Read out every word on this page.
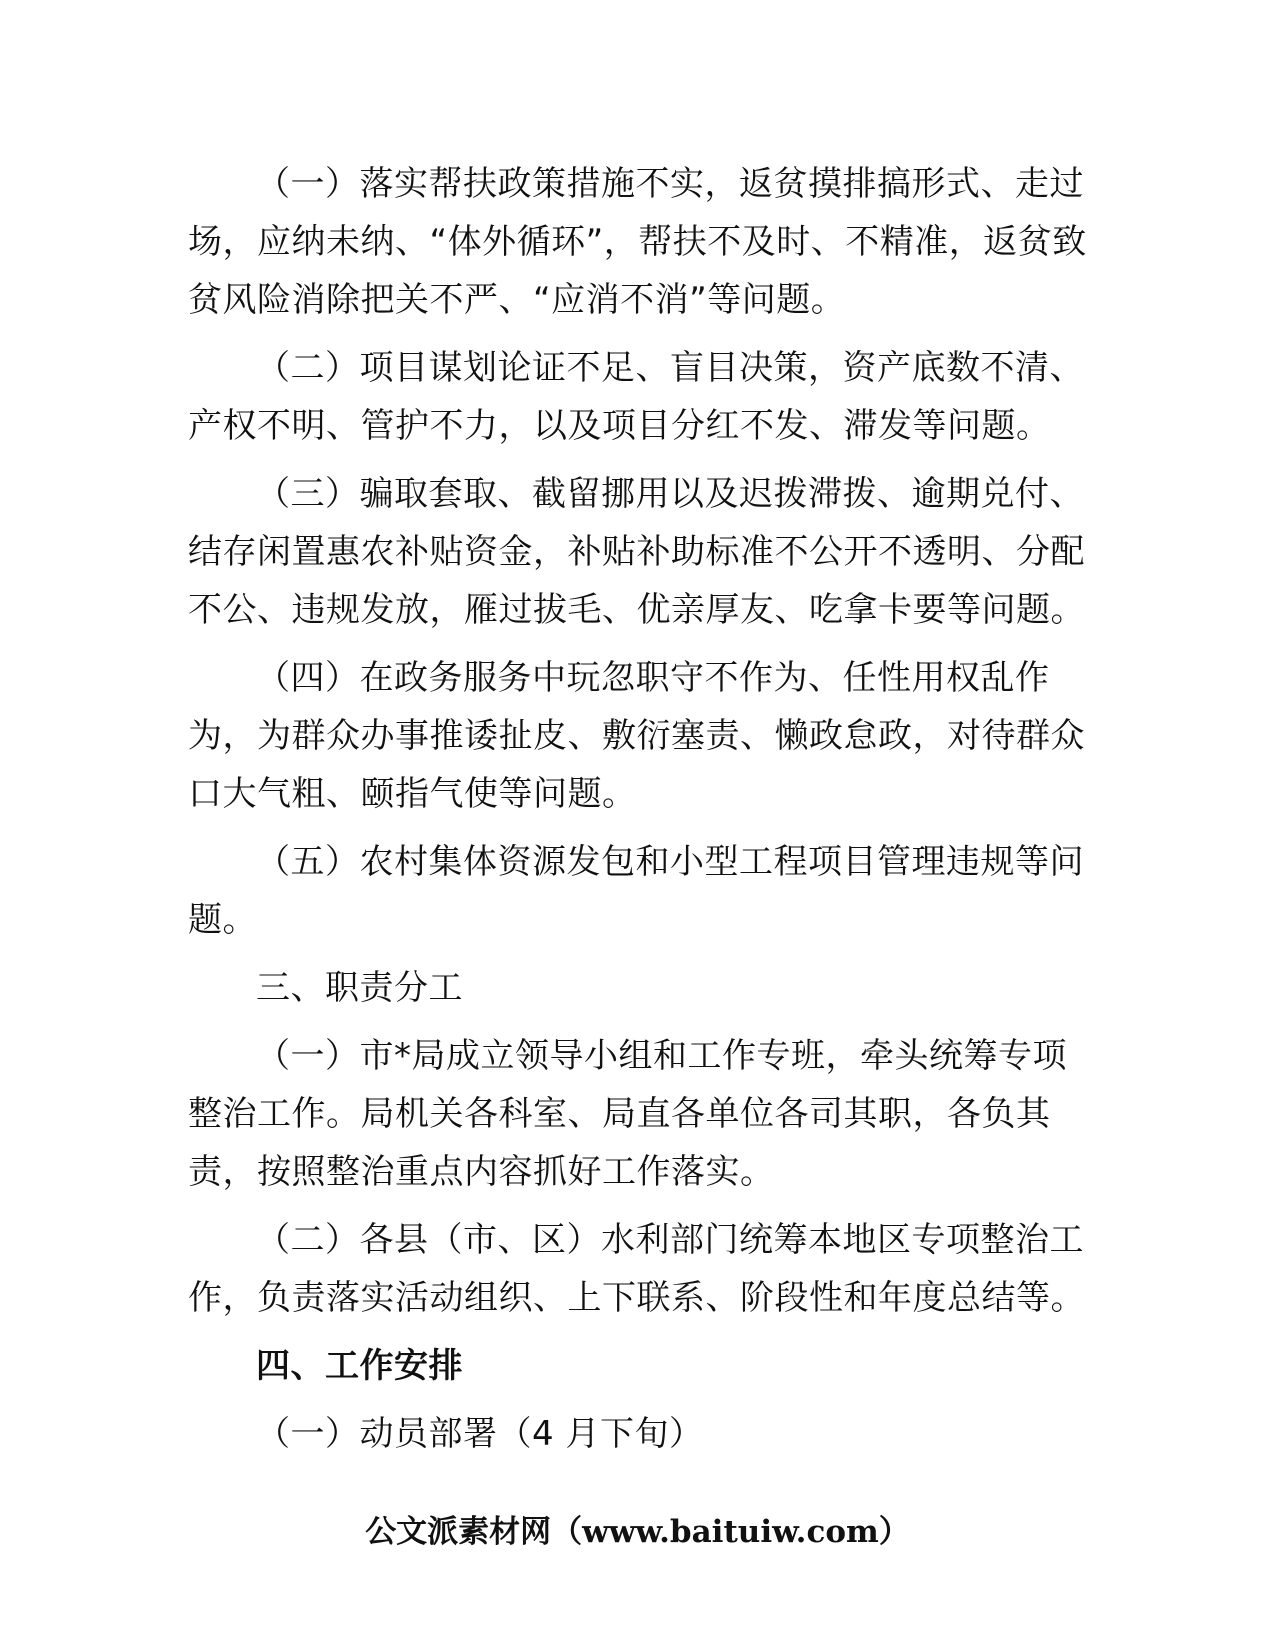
（一）落实帮扶政策措施不实，返贫摸排搞形式、走过场，应纳未纳、“体外循环”，帮扶不及时、不精准，返贫致贫风险消除把关不严、“应消不消”等问题。

（二）项目谋划论证不足、盲目决策，资产底数不清、产权不明、管护不力，以及项目分红不发、滞发等问题。

（三）骗取套取、截留挪用以及迟拨滞拨、逾期兑付、结存闲置惠农补贴资金，补贴补助标准不公开不透明、分配不公、违规发放，雁过拔毛、优亲厚友、吃拿卡要等问题。

（四）在政务服务中玩忽职守不作为、任性用权乱作为，为群众办事推诿扯皮、敷衍塞责、懒政怠政，对待群众口大气粗、颐指气使等问题。

（五）农村集体资源发包和小型工程项目管理违规等问题。

三、职责分工

（一）市*局成立领导小组和工作专班，牵头统筹专项整治工作。局机关各科室、局直各单位各司其职，各负其责，按照整治重点内容抓好工作落实。

（二）各县（市、区）水利部门统筹本地区专项整治工作，负责落实活动组织、上下联系、阶段性和年度总结等。

四、工作安排

（一）动员部署（4 月下旬）

公文派素材网（www.baituiw.com）
